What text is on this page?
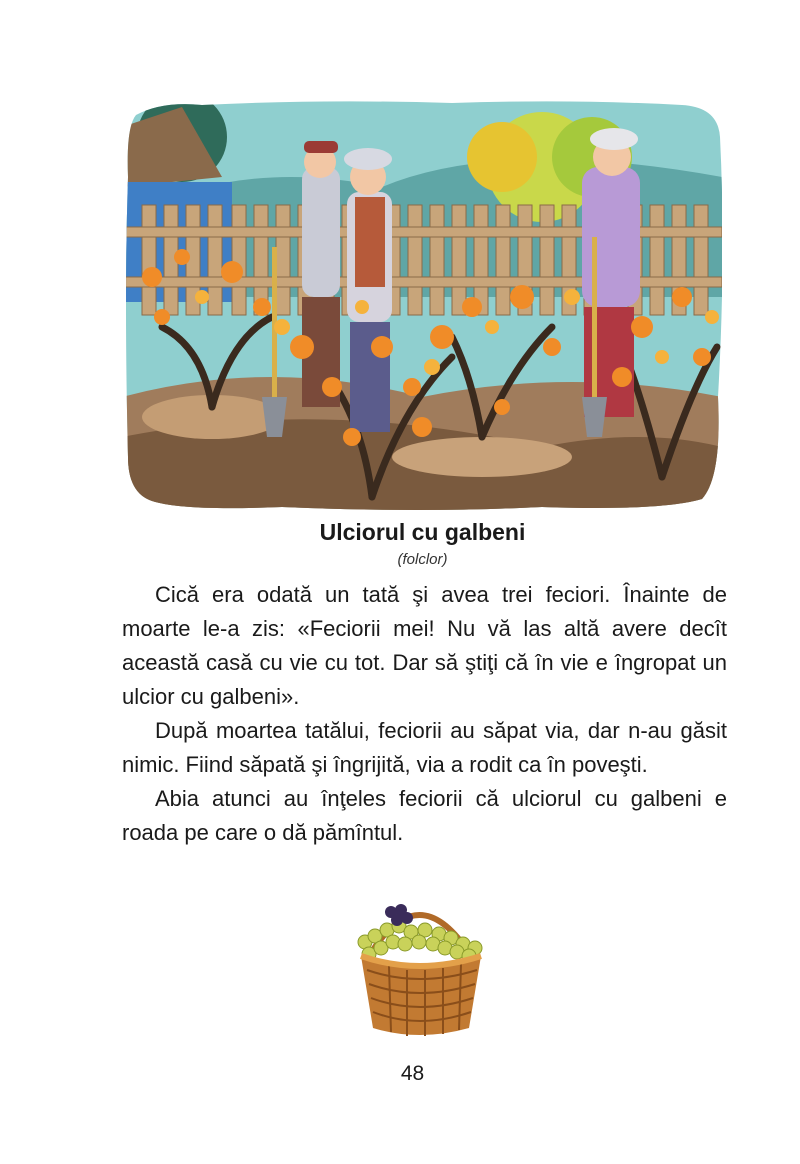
Ulciorul cu galbeni
(folclor)

Cică era odată un tată şi avea trei feciori. Înainte de moarte le-a zis: «Feciorii mei! Nu vă las altă avere decît această casă cu vie cu tot. Dar să ştiţi că în vie e îngropat un ulcior cu galbeni».

După moartea tatălui, feciorii au săpat via, dar n-au găsit nimic. Fiind săpată şi îngrijită, via a rodit ca în poveşti.

Abia atunci au înţeles feciorii că ulciorul cu galbeni e roada pe care o dă pămîntul.

48
